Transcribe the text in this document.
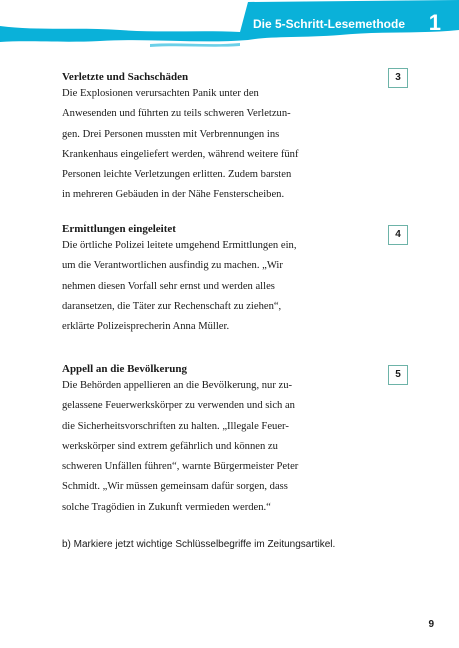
Die 5-Schritt-Lesemethode 1
Verletzte und Sachschäden
Die Explosionen verursachten Panik unter den
Anwesenden und führten zu teils schweren Verletzun-
gen. Drei Personen mussten mit Verbrennungen ins
Krankenhaus eingeliefert werden, während weitere fünf
Personen leichte Verletzungen erlitten. Zudem barsten
in mehreren Gebäuden in der Nähe Fensterscheiben.
3
Ermittlungen eingeleitet
Die örtliche Polizei leitete umgehend Ermittlungen ein,
um die Verantwortlichen ausfindig zu machen. „Wir
nehmen diesen Vorfall sehr ernst und werden alles
daransetzen, die Täter zur Rechenschaft zu ziehen“,
erklärte Polizeisprecherin Anna Müller.
4
Appell an die Bevölkerung
Die Behörden appellieren an die Bevölkerung, nur zu-
gelassene Feuerwerkskörper zu verwenden und sich an
die Sicherheitsvorschriften zu halten. „Illegale Feuer-
werkskörper sind extrem gefährlich und können zu
schweren Unfällen führen“, warnte Bürgermeister Peter
Schmidt. „Wir müssen gemeinsam dafür sorgen, dass
solche Tragödien in Zukunft vermieden werden.“
5
b) Markiere jetzt wichtige Schlüsselbegriffe im Zeitungsartikel.
9
